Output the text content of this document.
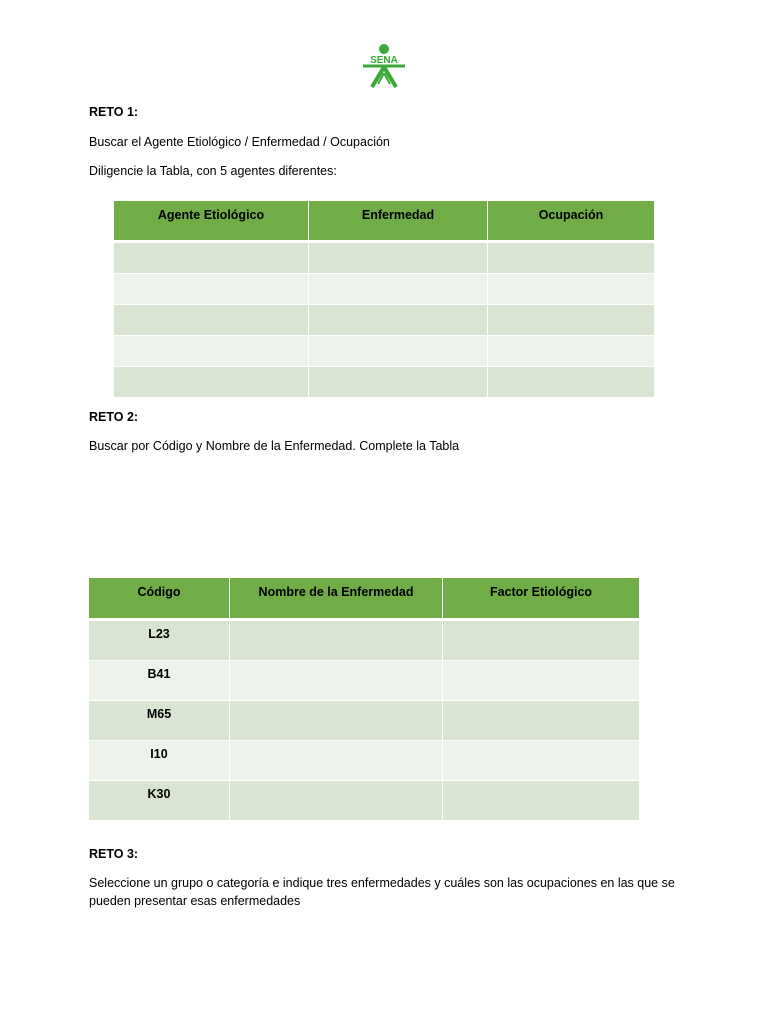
SENA
RETO 1:
Buscar el Agente Etiológico / Enfermedad / Ocupación
Diligencie la Tabla, con 5 agentes diferentes:
Agente Etiológico	Enfermedad	Ocupación

RETO 2:
Buscar por Código y Nombre de la Enfermedad. Complete la Tabla
Código	Nombre de la Enfermedad	Factor Etiológico
L23		
B41		
M65		
I10		
K30		
RETO 3:
Seleccione un grupo o categoría e indique tres enfermedades y cuáles son las ocupaciones en las que se
pueden presentar esas enfermedades
